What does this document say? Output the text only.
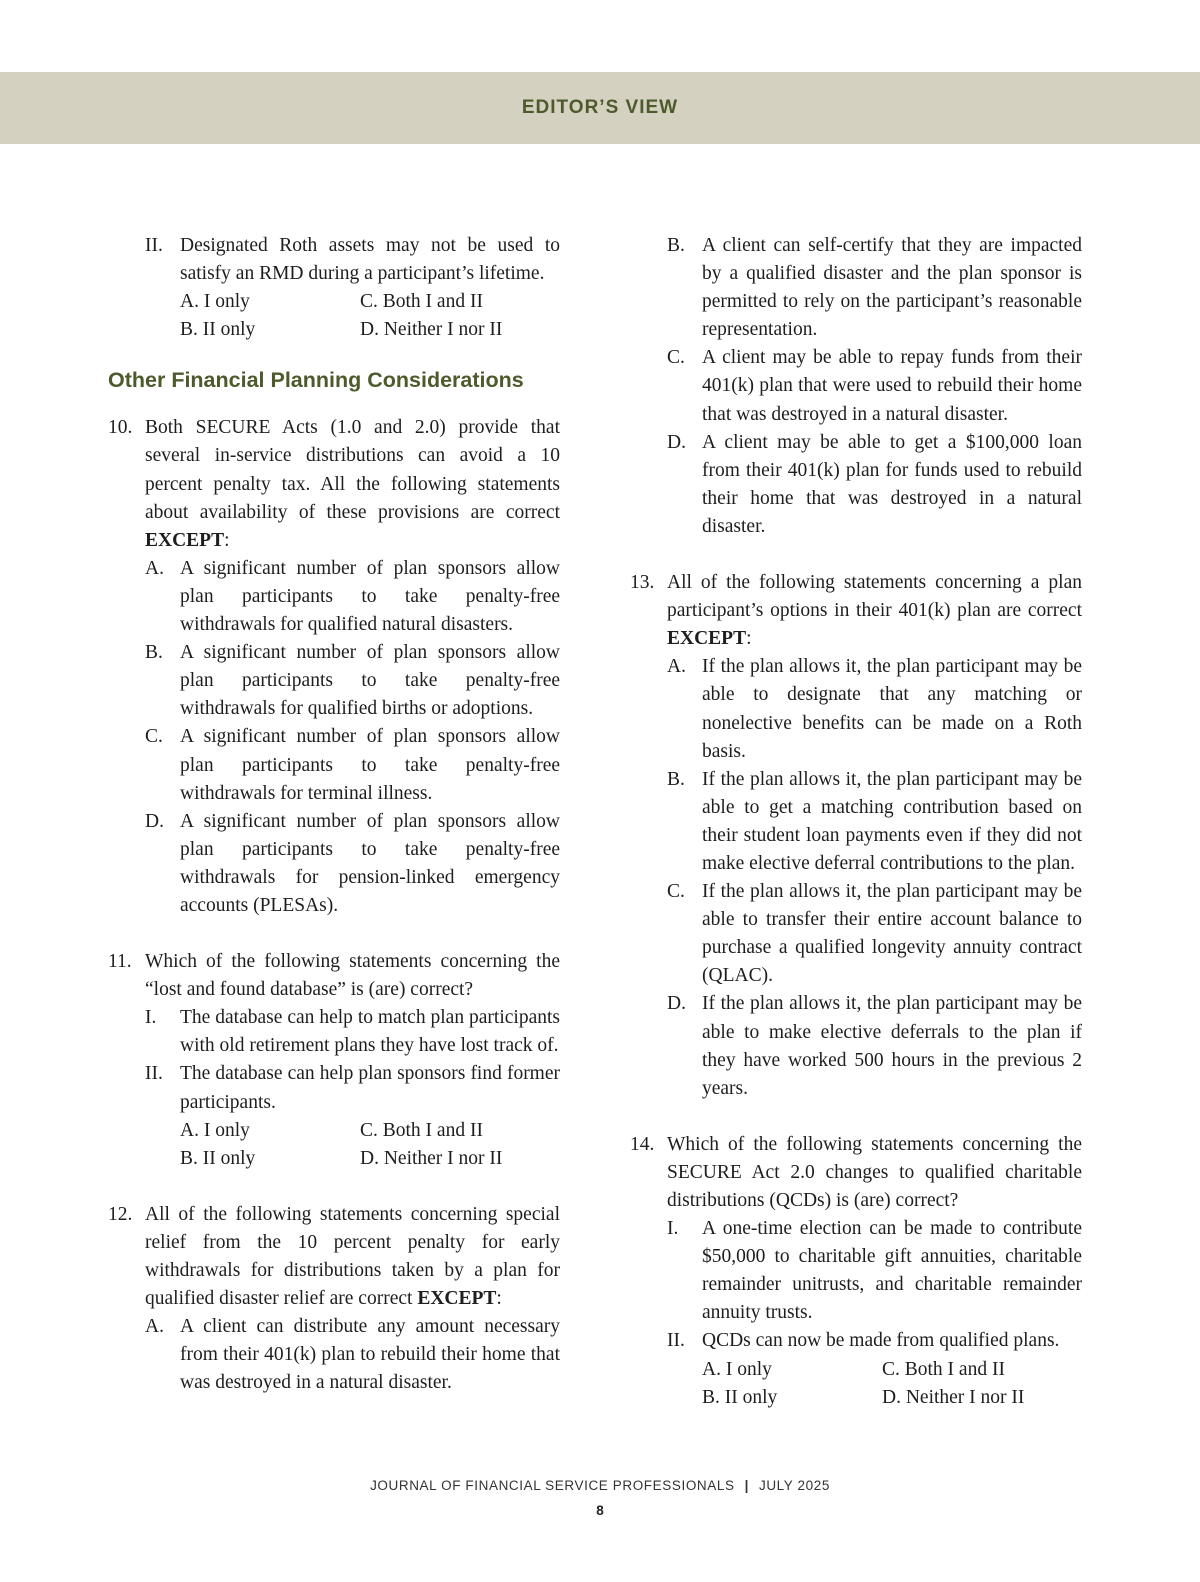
EDITOR’S VIEW
II. Designated Roth assets may not be used to satisfy an RMD during a participant’s lifetime.
A. I only	C. Both I and II
B. II only	D. Neither I nor II
Other Financial Planning Considerations
10. Both SECURE Acts (1.0 and 2.0) provide that several in-service distributions can avoid a 10 percent penalty tax. All the following statements about availability of these provisions are correct EXCEPT:
A. A significant number of plan sponsors allow plan participants to take penalty-free withdrawals for qualified natural disasters.
B. A significant number of plan sponsors allow plan participants to take penalty-free withdrawals for qualified births or adoptions.
C. A significant number of plan sponsors allow plan participants to take penalty-free withdrawals for terminal illness.
D. A significant number of plan sponsors allow plan participants to take penalty-free withdrawals for pension-linked emergency accounts (PLESAs).
11. Which of the following statements concerning the “lost and found database” is (are) correct?
I.	The database can help to match plan participants with old retirement plans they have lost track of.
II. The database can help plan sponsors find former participants.
A. I only	C. Both I and II
B. II only	D. Neither I nor II
12. All of the following statements concerning special relief from the 10 percent penalty for early withdrawals for distributions taken by a plan for qualified disaster relief are correct EXCEPT:
A. A client can distribute any amount necessary from their 401(k) plan to rebuild their home that was destroyed in a natural disaster.
B. A client can self-certify that they are impacted by a qualified disaster and the plan sponsor is permitted to rely on the participant’s reasonable representation.
C. A client may be able to repay funds from their 401(k) plan that were used to rebuild their home that was destroyed in a natural disaster.
D. A client may be able to get a $100,000 loan from their 401(k) plan for funds used to rebuild their home that was destroyed in a natural disaster.
13. All of the following statements concerning a plan participant’s options in their 401(k) plan are correct EXCEPT:
A. If the plan allows it, the plan participant may be able to designate that any matching or nonelective benefits can be made on a Roth basis.
B. If the plan allows it, the plan participant may be able to get a matching contribution based on their student loan payments even if they did not make elective deferral contributions to the plan.
C. If the plan allows it, the plan participant may be able to transfer their entire account balance to purchase a qualified longevity annuity contract (QLAC).
D. If the plan allows it, the plan participant may be able to make elective deferrals to the plan if they have worked 500 hours in the previous 2 years.
14. Which of the following statements concerning the SECURE Act 2.0 changes to qualified charitable distributions (QCDs) is (are) correct?
I.	A one-time election can be made to contribute $50,000 to charitable gift annuities, charitable remainder unitrusts, and charitable remainder annuity trusts.
II. QCDs can now be made from qualified plans.
A. I only	C. Both I and II
B. II only	D. Neither I nor II
JOURNAL OF FINANCIAL SERVICE PROFESSIONALS | JULY 2025
8
